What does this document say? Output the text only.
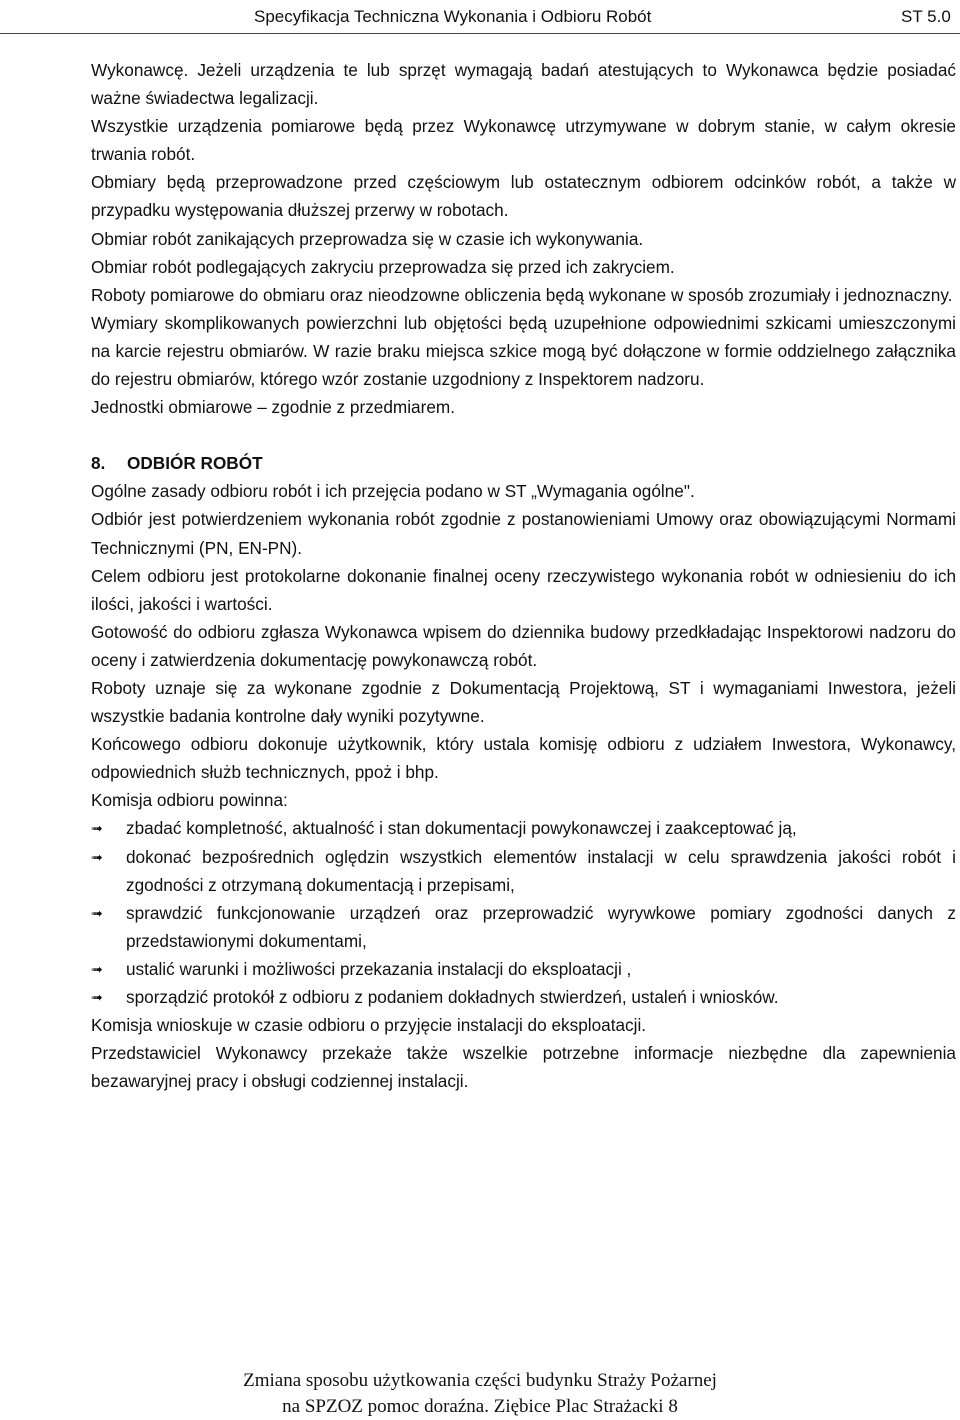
Specyfikacja Techniczna Wykonania i Odbioru Robót	ST 5.0

Wykonawcę. Jeżeli urządzenia te lub sprzęt wymagają badań atestujących to Wykonawca będzie posiadać ważne świadectwa legalizacji.

Wszystkie urządzenia pomiarowe będą przez Wykonawcę utrzymywane w dobrym stanie, w całym okresie trwania robót.

Obmiary będą przeprowadzone przed częściowym lub ostatecznym odbiorem odcinków robót, a także w przypadku występowania dłuższej przerwy w robotach.

Obmiar robót zanikających przeprowadza się w czasie ich wykonywania.

Obmiar robót podlegających zakryciu przeprowadza się przed ich zakryciem.

Roboty pomiarowe do obmiaru oraz nieodzowne obliczenia będą wykonane w sposób zrozumiały i jednoznaczny.

Wymiary skomplikowanych powierzchni lub objętości będą uzupełnione odpowiednimi szkicami umieszczonymi na karcie rejestru obmiarów. W razie braku miejsca szkice mogą być dołączone w formie oddzielnego załącznika do rejestru obmiarów, którego wzór zostanie uzgodniony z Inspektorem nadzoru.

Jednostki obmiarowe – zgodnie z przedmiarem.

8. ODBIÓR ROBÓT

Ogólne zasady odbioru robót i ich przejęcia podano w ST „Wymagania ogólne".

Odbiór jest potwierdzeniem wykonania robót zgodnie z postanowieniami Umowy oraz obowiązującymi Normami Technicznymi (PN, EN-PN).

Celem odbioru jest protokolarne dokonanie finalnej oceny rzeczywistego wykonania robót w odniesieniu do ich ilości, jakości i wartości.

Gotowość do odbioru zgłasza Wykonawca wpisem do dziennika budowy przedkładając Inspektorowi nadzoru do oceny i zatwierdzenia dokumentację powykonawczą robót.

Roboty uznaje się za wykonane zgodnie z Dokumentacją Projektową, ST i wymaganiami Inwestora, jeżeli wszystkie badania kontrolne dały wyniki pozytywne.

Końcowego odbioru dokonuje użytkownik, który ustala komisję odbioru z udziałem Inwestora, Wykonawcy, odpowiednich służb technicznych, ppoż i bhp.

Komisja odbioru powinna:

➟ zbadać kompletność, aktualność i stan dokumentacji powykonawczej i zaakceptować ją,
➟ dokonać bezpośrednich oględzin wszystkich elementów instalacji w celu sprawdzenia jakości robót i zgodności z otrzymaną dokumentacją i przepisami,
➟ sprawdzić funkcjonowanie urządzeń oraz przeprowadzić wyrywkowe pomiary zgodności danych z przedstawionymi dokumentami,
➟ ustalić warunki i możliwości przekazania instalacji do eksploatacji ,
➟ sporządzić protokół z odbioru z podaniem dokładnych stwierdzeń, ustaleń i wniosków.

Komisja wnioskuje w czasie odbioru o przyjęcie instalacji do eksploatacji.

Przedstawiciel Wykonawcy przekaże także wszelkie potrzebne informacje niezbędne dla zapewnienia bezawaryjnej pracy i obsługi codziennej instalacji.

Zmiana sposobu użytkowania części budynku Straży Pożarnej
na SPZOZ pomoc doraźna. Ziębice Plac Strażacki 8
